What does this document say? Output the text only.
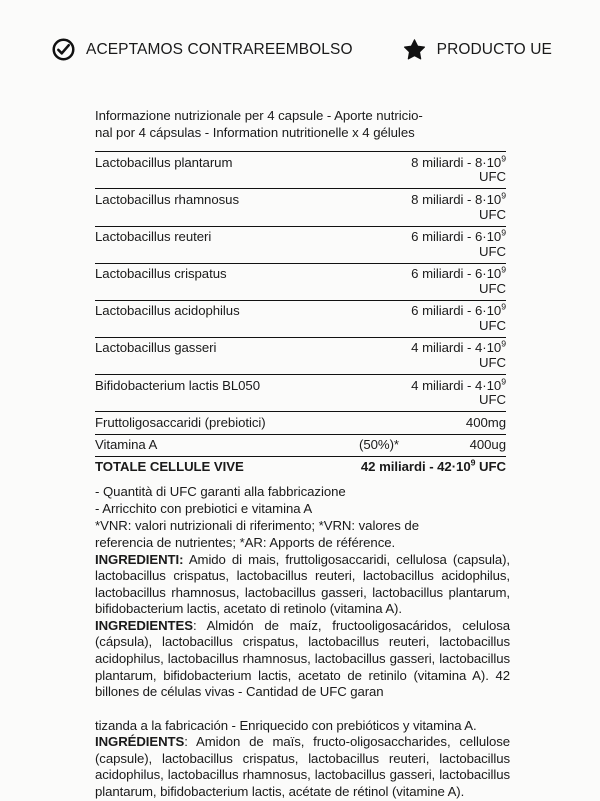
ACEPTAMOS CONTRAREEMBOLSO	PRODUCTO UE
Informazione nutrizionale per 4 capsule - Aporte nutricio-
nal por 4 cápsulas - Information nutritionelle x 4 gélules
Lactobacillus plantarum		8 miliardi - $8\cdot 10^9$ UFC
Lactobacillus rhamnosus		8 miliardi - $8\cdot 10^9$ UFC
Lactobacillus reuteri		6 miliardi - $6\cdot 10^9$ UFC
Lactobacillus crispatus		6 miliardi - $6\cdot 10^9$ UFC
Lactobacillus acidophilus		6 miliardi - $6\cdot 10^9$ UFC
Lactobacillus gasseri		4 miliardi - $4\cdot 10^9$ UFC
Bifidobacterium lactis BL050		4 miliardi - $4\cdot 10^9$ UFC
Fruttoligosaccaridi (prebiotici)		400mg
Vitamina A	(50%)*	400ug
TOTALE CELLULE VIVE	42 miliardi - $42\cdot 10^9$ UFC	
- Quantità di UFC garanti alla fabbricazione
- Arricchito con prebiotici e vitamina A
*VNR: valori nutrizionali di riferimento; *VRN: valores de
referencia de nutrientes; *AR: Apports de référence.
INGREDIENTI: Amido di mais, fruttoligosaccaridi, cellulosa (capsula), lactobacillus crispatus, lactobacillus reuteri, lactobacillus acidophilus, lactobacillus rhamnosus, lactobacillus gasseri, lactobacillus plantarum, bifidobacterium lactis, acetato di retinolo (vitamina A).
INGREDIENTES: Almidón de maíz, fructooligosacáridos, celulosa (cápsula), lactobacillus crispatus, lactobacillus reuteri, lactobacillus acidophilus, lactobacillus rhamnosus, lactobacillus gasseri, lactobacillus plantarum, bifidobacterium lactis, acetato de retinilo (vitamina A). 42 billones de células vivas - Cantidad de UFC garan
tizanda a la fabricación - Enriquecido con prebióticos y vitamina A.
INGRÉDIENTS: Amidon de maïs, fructo-oligosaccharides, cellulose (capsule), lactobacillus crispatus, lactobacillus reuteri, lactobacillus acidophilus, lactobacillus rhamnosus, lactobacillus gasseri, lactobacillus plantarum, bifidobacterium lactis, acétate de rétinol (vitamine A).
